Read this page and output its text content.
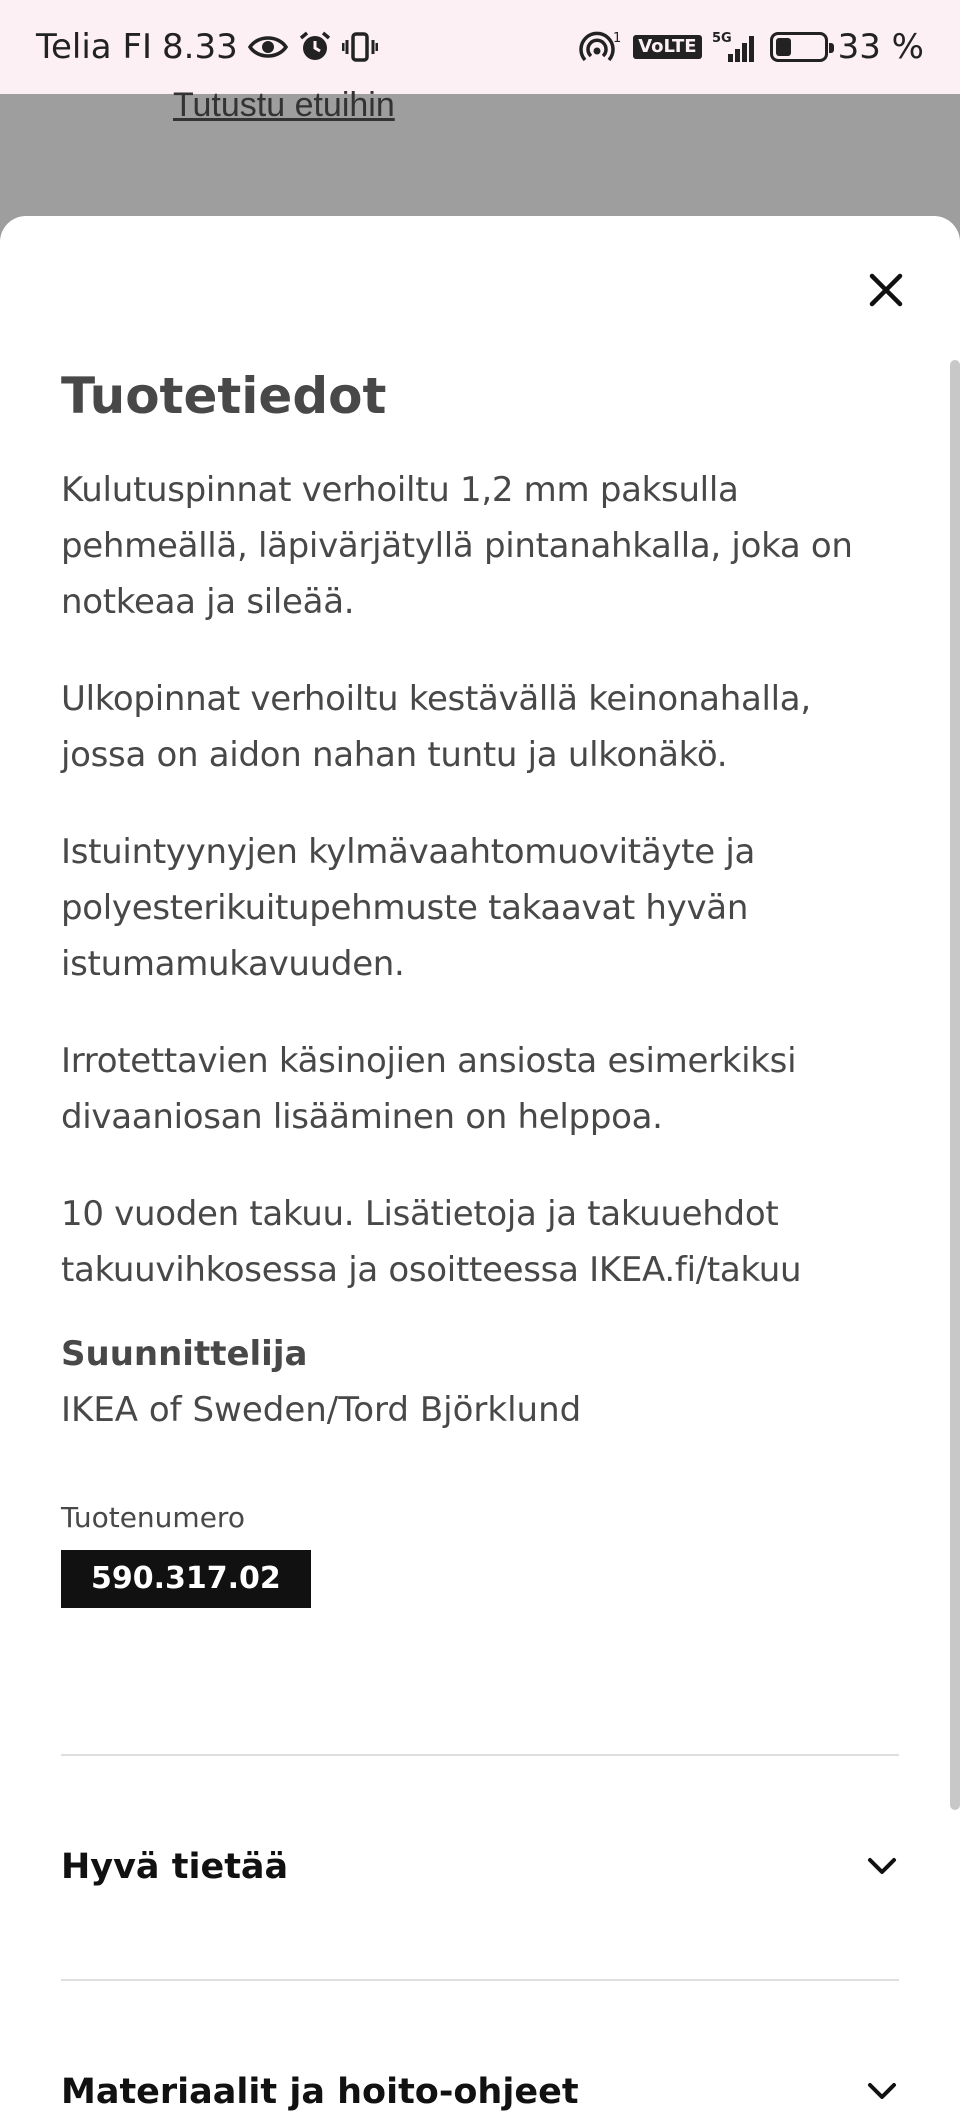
Telia FI 8.33	1 VoLTE	5G	33 %
Tutustu etuihin
Tuotetiedot

Kulutuspinnat verhoiltu 1,2 mm paksulla pehmeällä, läpivärjätyllä pintanahkalla, joka on notkeaa ja sileää.

Ulkopinnat verhoiltu kestävällä keinonahalla, jossa on aidon nahan tuntu ja ulkonäkö.

Istuintyynyjen kylmävaahtomuovitäyte ja polyesterikuitupehmuste takaavat hyvän istumamukavuuden.

Irrotettavien käsinojien ansiosta esimerkiksi divaaniosan lisääminen on helppoa.

10 vuoden takuu. Lisätietoja ja takuuehdot takuuvihkosessa ja osoitteessa IKEA.fi/takuu

Suunnittelija
IKEA of Sweden/Tord Björklund
Tuotenumero
590.317.02
Hyvä tietää
Materiaalit ja hoito-ohjeet
